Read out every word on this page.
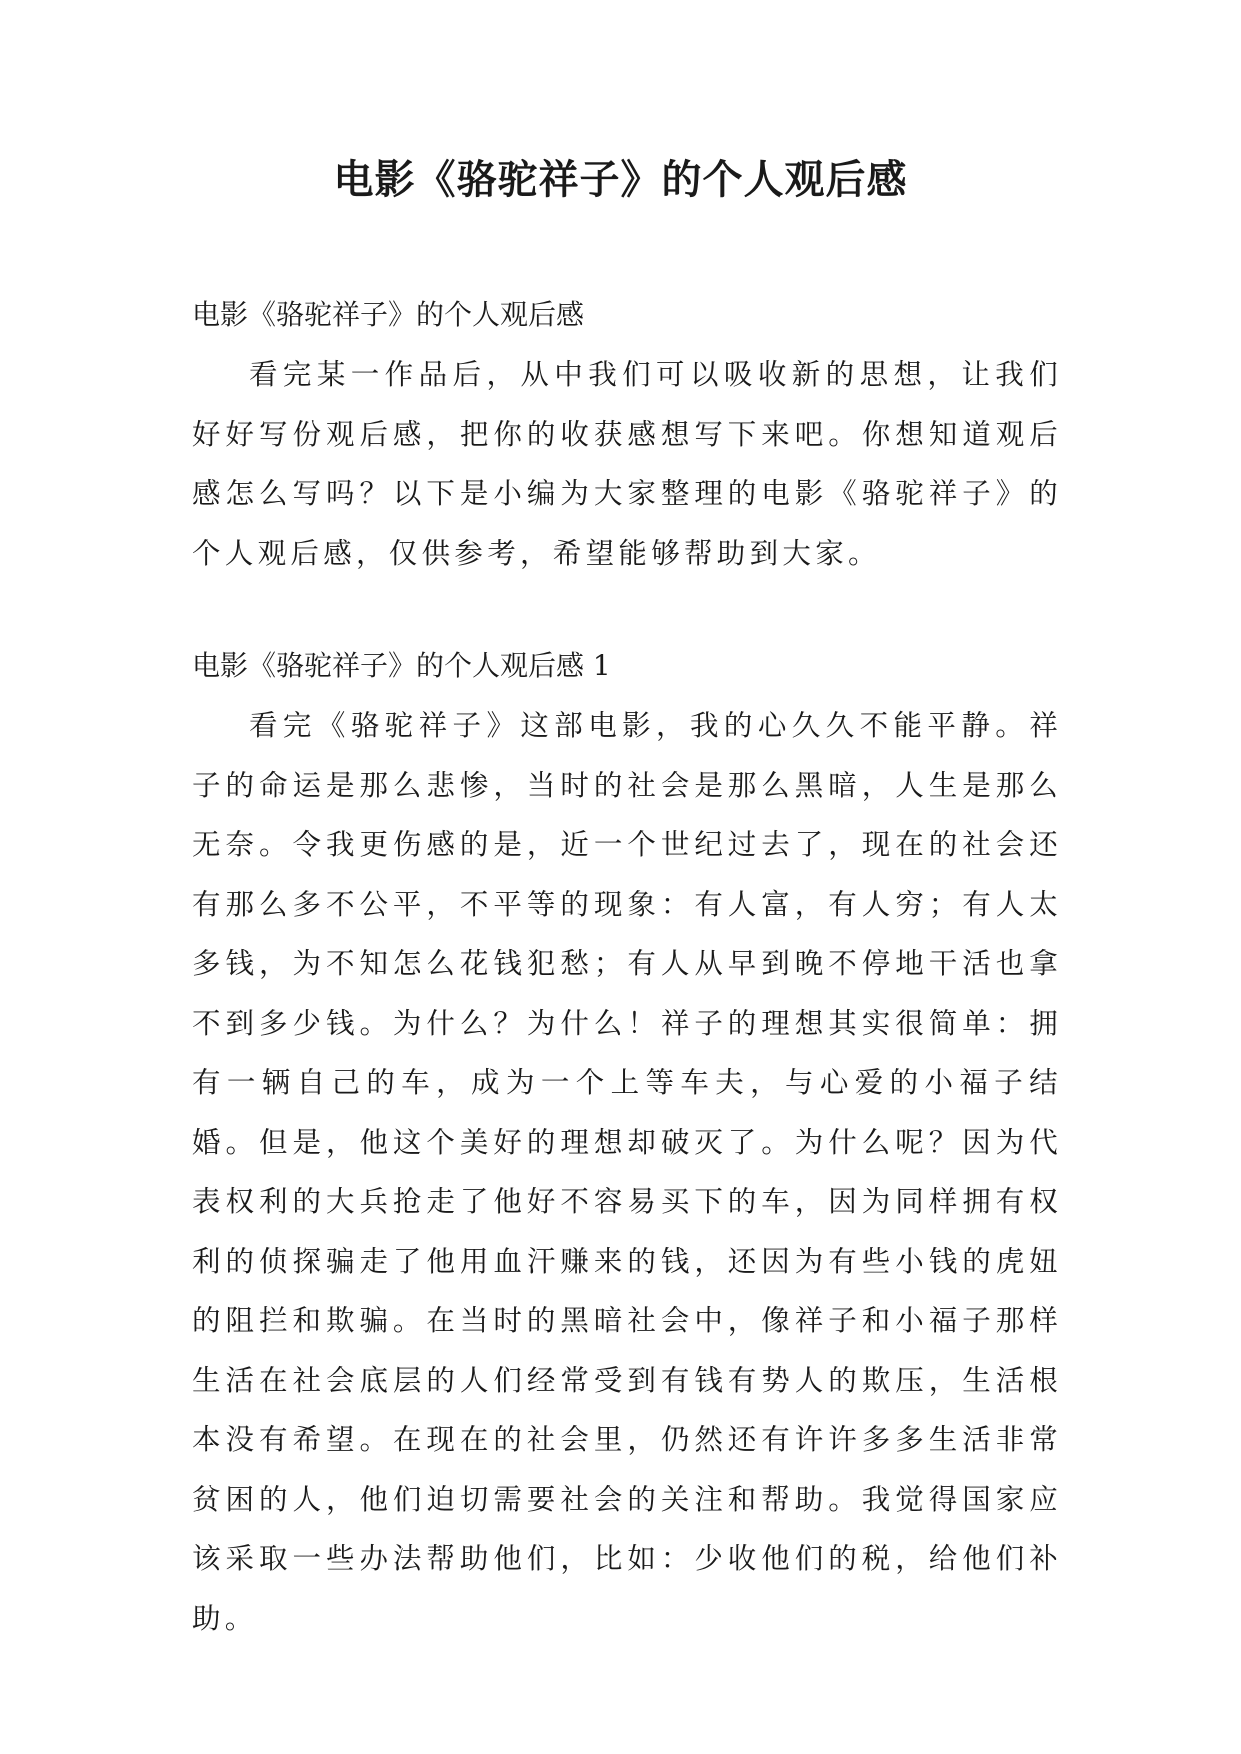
电影《骆驼祥子》的个人观后感
电影《骆驼祥子》的个人观后感
看完某一作品后，从中我们可以吸收新的思想，让我们好好写份观后感，把你的收获感想写下来吧。你想知道观后感怎么写吗？以下是小编为大家整理的电影《骆驼祥子》的个人观后感，仅供参考，希望能够帮助到大家。
电影《骆驼祥子》的个人观后感 1
看完《骆驼祥子》这部电影，我的心久久不能平静。祥子的命运是那么悲惨，当时的社会是那么黑暗，人生是那么无奈。令我更伤感的是，近一个世纪过去了，现在的社会还有那么多不公平，不平等的现象：有人富，有人穷；有人太多钱，为不知怎么花钱犯愁；有人从早到晚不停地干活也拿不到多少钱。为什么？为什么！祥子的理想其实很简单：拥有一辆自己的车，成为一个上等车夫，与心爱的小福子结婚。但是，他这个美好的理想却破灭了。为什么呢？因为代表权利的大兵抢走了他好不容易买下的车，因为同样拥有权利的侦探骗走了他用血汗赚来的钱，还因为有些小钱的虎妞的阻拦和欺骗。在当时的黑暗社会中，像祥子和小福子那样生活在社会底层的人们经常受到有钱有势人的欺压，生活根本没有希望。在现在的社会里，仍然还有许许多多生活非常贫困的人，他们迫切需要社会的关注和帮助。我觉得国家应该采取一些办法帮助他们，比如：少收他们的税，给他们补助。
